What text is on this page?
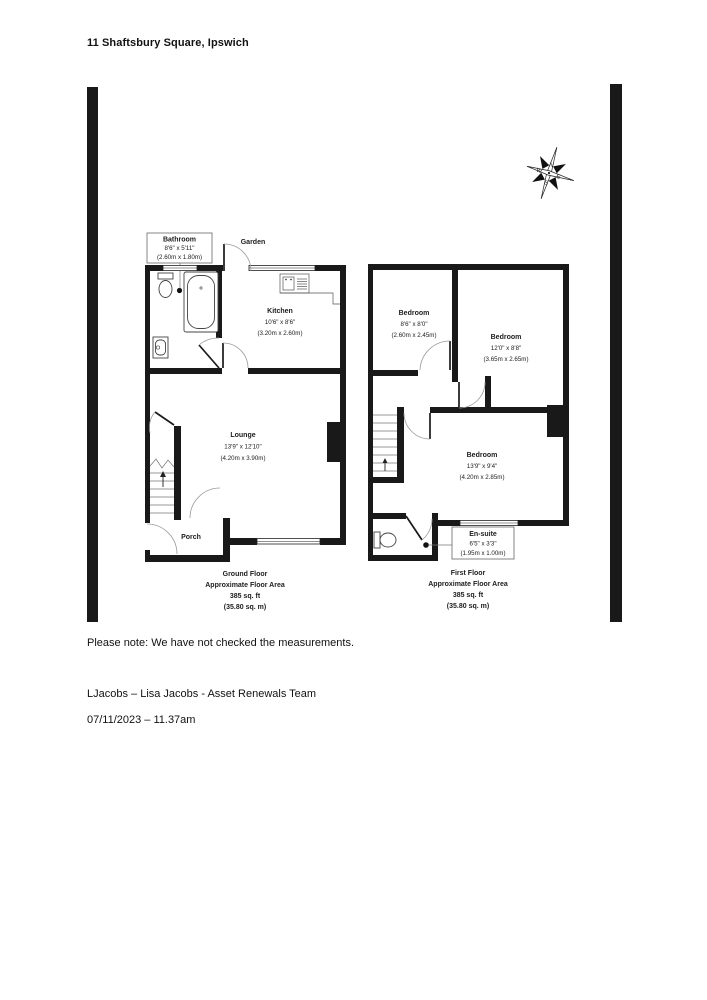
11 Shaftsbury Square, Ipswich
N
E
S
W
Bathroom
8'6" x 5'11"
(2.60m x 1.80m)
Garden
Kitchen
10'6" x 8'6"
(3.20m x 2.60m)
Lounge
13'9" x 12'10"
(4.20m x 3.90m)
Porch
Ground Floor
Approximate Floor Area
385 sq. ft
(35.80 sq. m)
En-suite
6'5" x 3'3"
(1.95m x 1.00m)
Bedroom
8'6" x 8'0"
(2.60m x 2.45m)	Bedroom
12'0" x 8'8"
(3.65m x 2.65m)
Bedroom
13'9" x 9'4"
(4.20m x 2.85m)
First Floor
Approximate Floor Area
385 sq. ft
(35.80 sq. m)
Please note: We have not checked the measurements.
LJacobs – Lisa Jacobs - Asset Renewals Team
07/11/2023 – 11.37am
